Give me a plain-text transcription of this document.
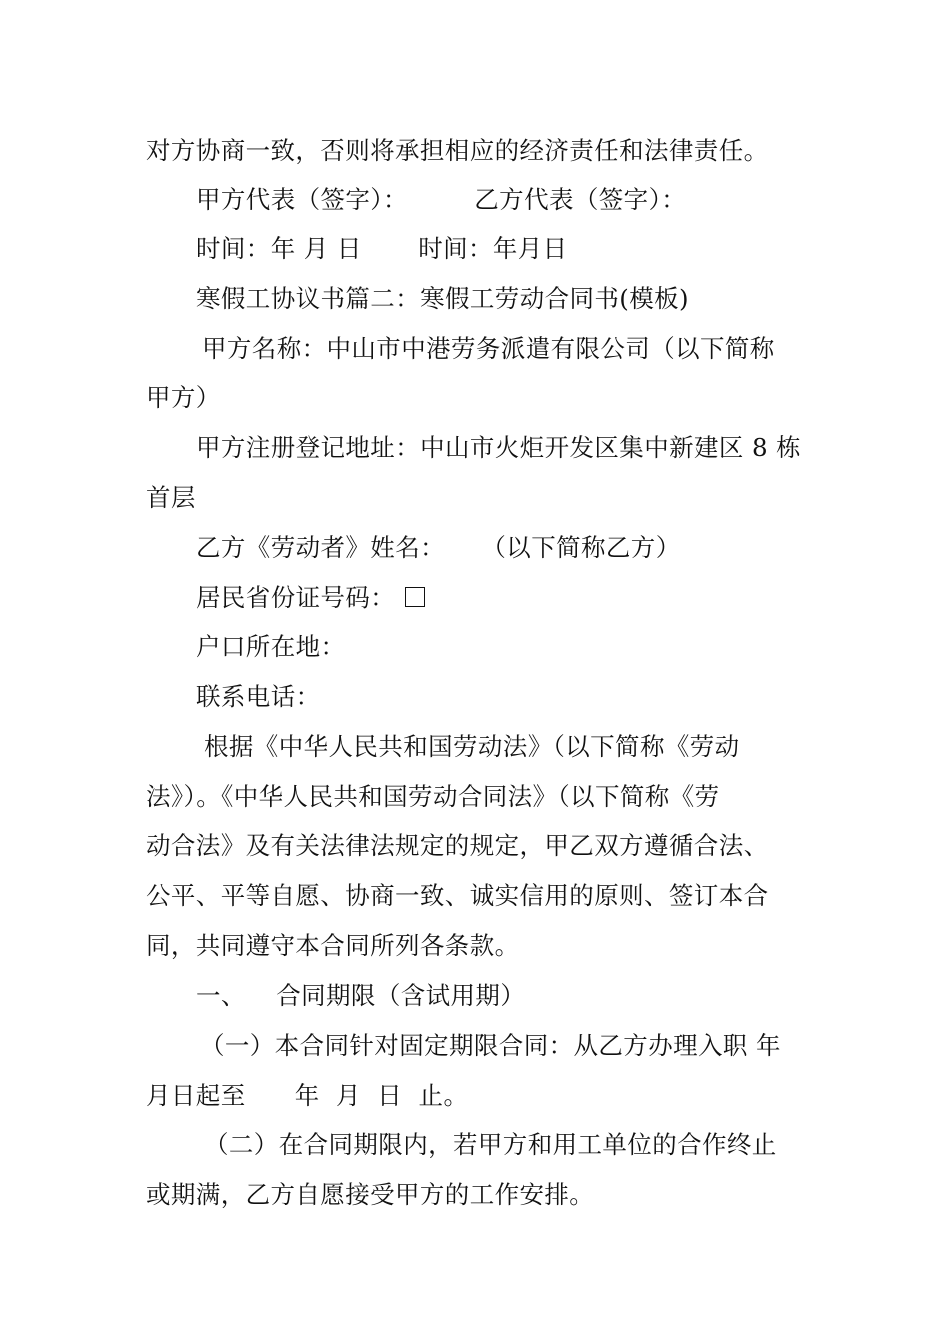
对方协商一致，否则将承担相应的经济责任和法律责任。
甲方代表（签字）：	乙方代表（签字）：
时间：年 月 日 时间：年月日
寒假工协议书篇二：寒假工劳动合同书(模板)
甲方名称：中山市中港劳务派遣有限公司（以下简称
甲方）
甲方注册登记地址：中山市火炬开发区集中新建区 8 栋
首层
乙方《劳动者》姓名： （以下简称乙方）
居民省份证号码：
户口所在地：
联系电话：
根据《中华人民共和国劳动法》（以下简称《劳动
法》）。《中华人民共和国劳动合同法》（以下简称《劳
动合法》及有关法律法规定的规定，甲乙双方遵循合法、
公平、平等自愿、协商一致、诚实信用的原则、签订本合
同，共同遵守本合同所列各条款。
一、 合同期限（含试用期）
（一）本合同针对固定期限合同：从乙方办理入职 年
月日起至      年  月  日  止。
（二）在合同期限内，若甲方和用工单位的合作终止
或期满，乙方自愿接受甲方的工作安排。
